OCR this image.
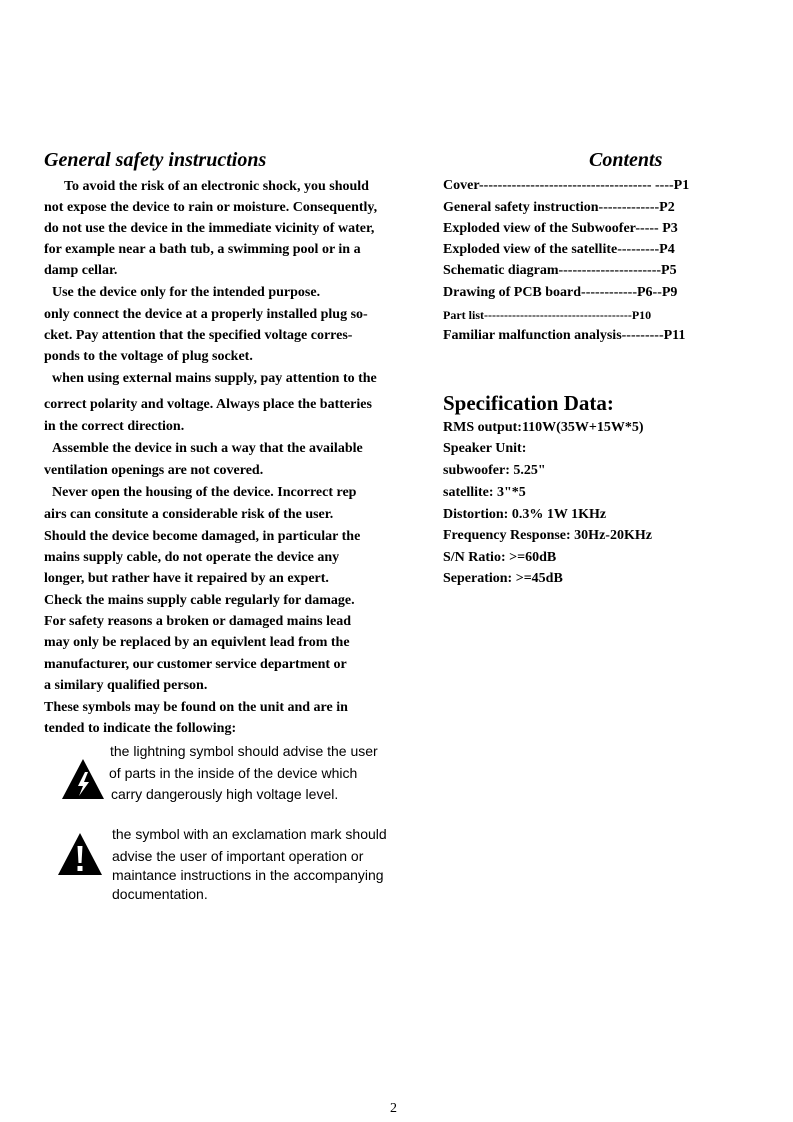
General safety instructions
To avoid the risk of an electronic shock, you should
not expose the device to rain or moisture. Consequently,
do not use the device in the immediate vicinity of water,
for example near a bath tub, a swimming pool or in a
damp cellar.
Use the device only for the intended purpose.
only connect the device at a properly installed plug so-
cket. Pay attention that the specified voltage corres-
ponds to the voltage of plug socket.
when using external mains supply, pay attention to the
correct polarity and voltage. Always place the batteries
in the correct direction.
Assemble the device in such a way that the available
ventilation openings are not covered.
Never open the housing of the device. Incorrect rep
airs can consitute a considerable risk of the user.
Should the device become damaged, in particular the
mains supply cable, do not operate the device any
longer, but rather have it repaired by an expert.
Check the mains supply cable regularly for damage.
For safety reasons a broken or damaged mains lead
may only be replaced by an equivlent lead from the
manufacturer, our customer service department or
a similary qualified person.
These symbols may be found on the unit and are in
tended to indicate the following:
the lightning symbol should advise the user
of parts in the inside of the device which
carry dangerously high voltage level.
the symbol with an exclamation mark should
advise the user of important operation or
maintance instructions in the accompanying
documentation.
Contents
Cover------------------------------------- ----P1
General safety instruction-------------P2
Exploded view of the Subwoofer----- P3
Exploded view of the satellite---------P4
Schematic diagram----------------------P5
Drawing of PCB board------------P6--P9
Part list-------------------------------------P10
Familiar malfunction analysis---------P11
Specification Data:
RMS output:110W(35W+15W*5)
Speaker Unit:
subwoofer: 5.25"
satellite: 3"*5
Distortion: 0.3% 1W 1KHz
Frequency Response: 30Hz-20KHz
S/N Ratio: >=60dB
Seperation: >=45dB
2
